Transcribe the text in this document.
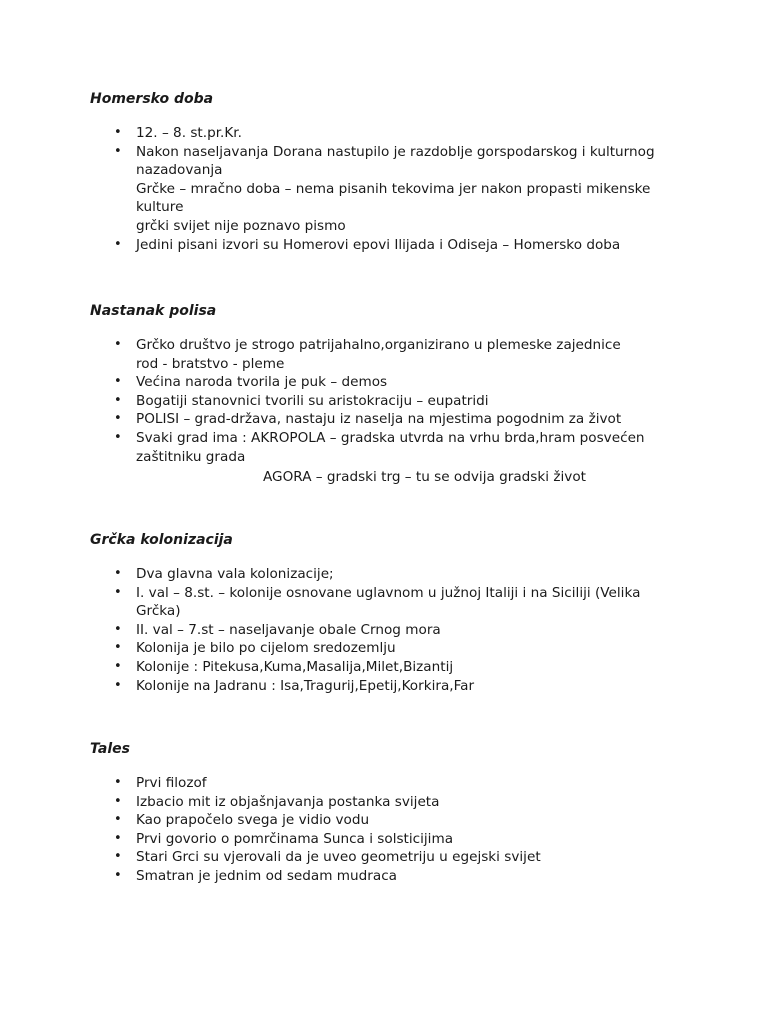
Homersko doba
• 12. – 8. st.pr.Kr.
• Nakon naseljavanja Dorana nastupilo je razdoblje gorspodarskog i kulturnog
nazadovanja
Grčke – mračno doba – nema pisanih tekovima jer nakon propasti mikenske
kulture
grčki svijet nije poznavo pismo
• Jedini pisani izvori su Homerovi epovi Ilijada i Odiseja – Homersko doba
Nastanak polisa
• Grčko društvo je strogo patrijahalno,organizirano u plemeske zajednice
rod - bratstvo - pleme
• Većina naroda tvorila je puk – demos
• Bogatiji stanovnici tvorili su aristokraciju – eupatridi
• POLISI – grad-država, nastaju iz naselja na mjestima pogodnim za život
• Svaki grad ima : AKROPOLA – gradska utvrda na vrhu brda,hram posvećen
zaštitniku grada
AGORA – gradski trg – tu se odvija gradski život
Grčka kolonizacija
• Dva glavna vala kolonizacije;
• I. val – 8.st. – kolonije osnovane uglavnom u južnoj Italiji i na Siciliji (Velika
Grčka)
• II. val – 7.st – naseljavanje obale Crnog mora
• Kolonija je bilo po cijelom sredozemlju
• Kolonije : Pitekusa,Kuma,Masalija,Milet,Bizantij
• Kolonije na Jadranu : Isa,Tragurij,Epetij,Korkira,Far
Tales
• Prvi filozof
• Izbacio mit iz objašnjavanja postanka svijeta
• Kao prapočelo svega je vidio vodu
• Prvi govorio o pomrčinama Sunca i solsticijima
• Stari Grci su vjerovali da je uveo geometriju u egejski svijet
• Smatran je jednim od sedam mudraca
